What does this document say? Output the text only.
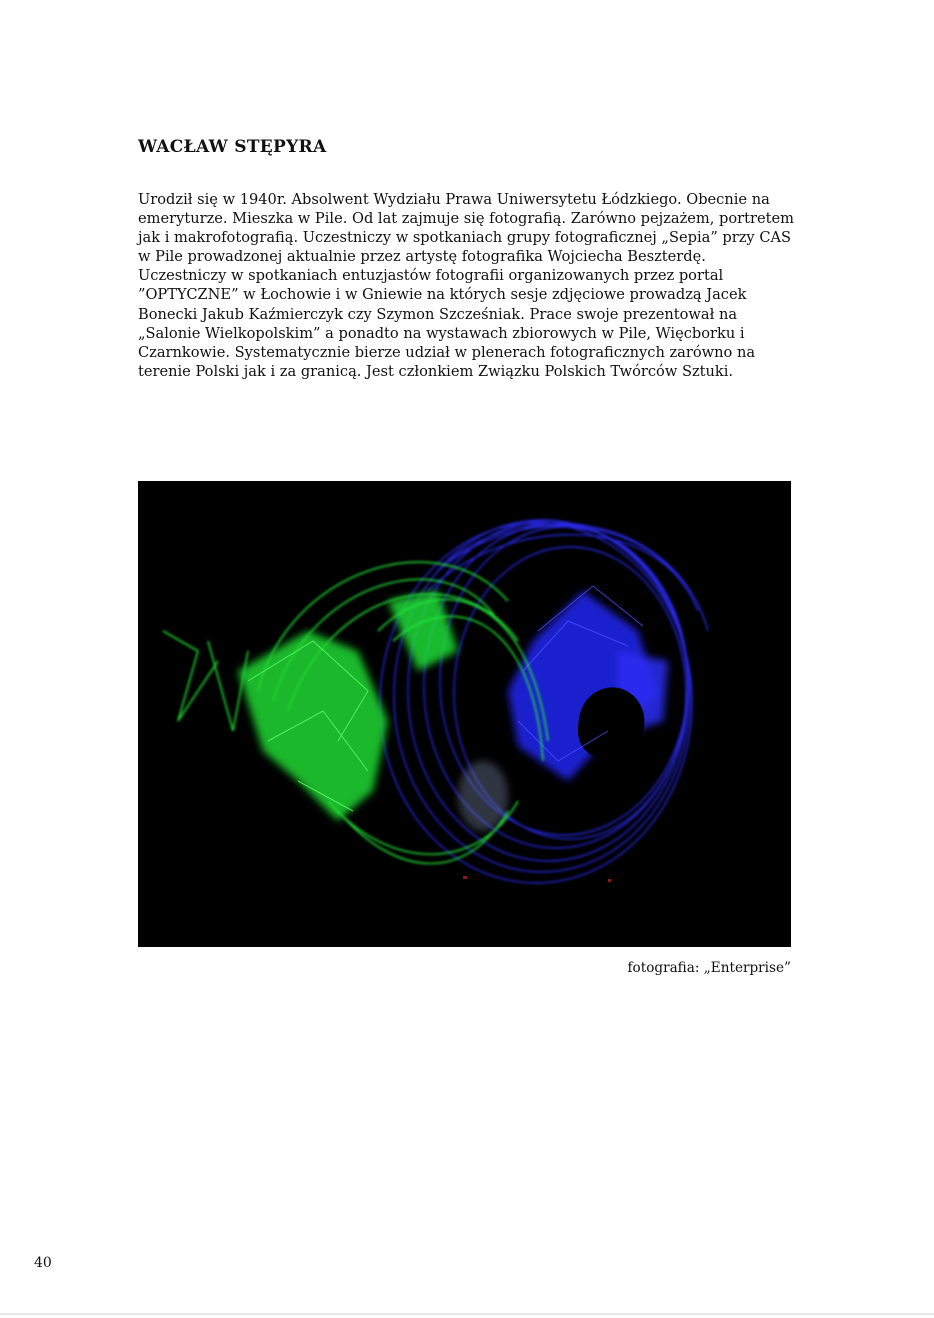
WACŁAW STĘPYRA

Urodził się w 1940r. Absolwent Wydziału Prawa Uniwersytetu Łódzkiego. Obecnie na
emeryturze. Mieszka w Pile. Od lat zajmuje się fotografią. Zarówno pejzażem, portretem
jak i makrofotografią. Uczestniczy w spotkaniach grupy fotograficznej „Sepia” przy CAS
w Pile prowadzonej aktualnie przez artystę fotografika Wojciecha Beszterdę.
Uczestniczy w spotkaniach entuzjastów fotografii organizowanych przez portal
”OPTYCZNE” w Łochowie i w Gniewie na których sesje zdjęciowe prowadzą Jacek
Bonecki Jakub Kaźmierczyk czy Szymon Szcześniak. Prace swoje prezentował na
„Salonie Wielkopolskim” a ponadto na wystawach zbiorowych w Pile, Więcborku i
Czarnkowie. Systematycznie bierze udział w plenerach fotograficznych zarówno na
terenie Polski jak i za granicą. Jest członkiem Związku Polskich Twórców Sztuki.

fotografia: „Enterprise”
40
